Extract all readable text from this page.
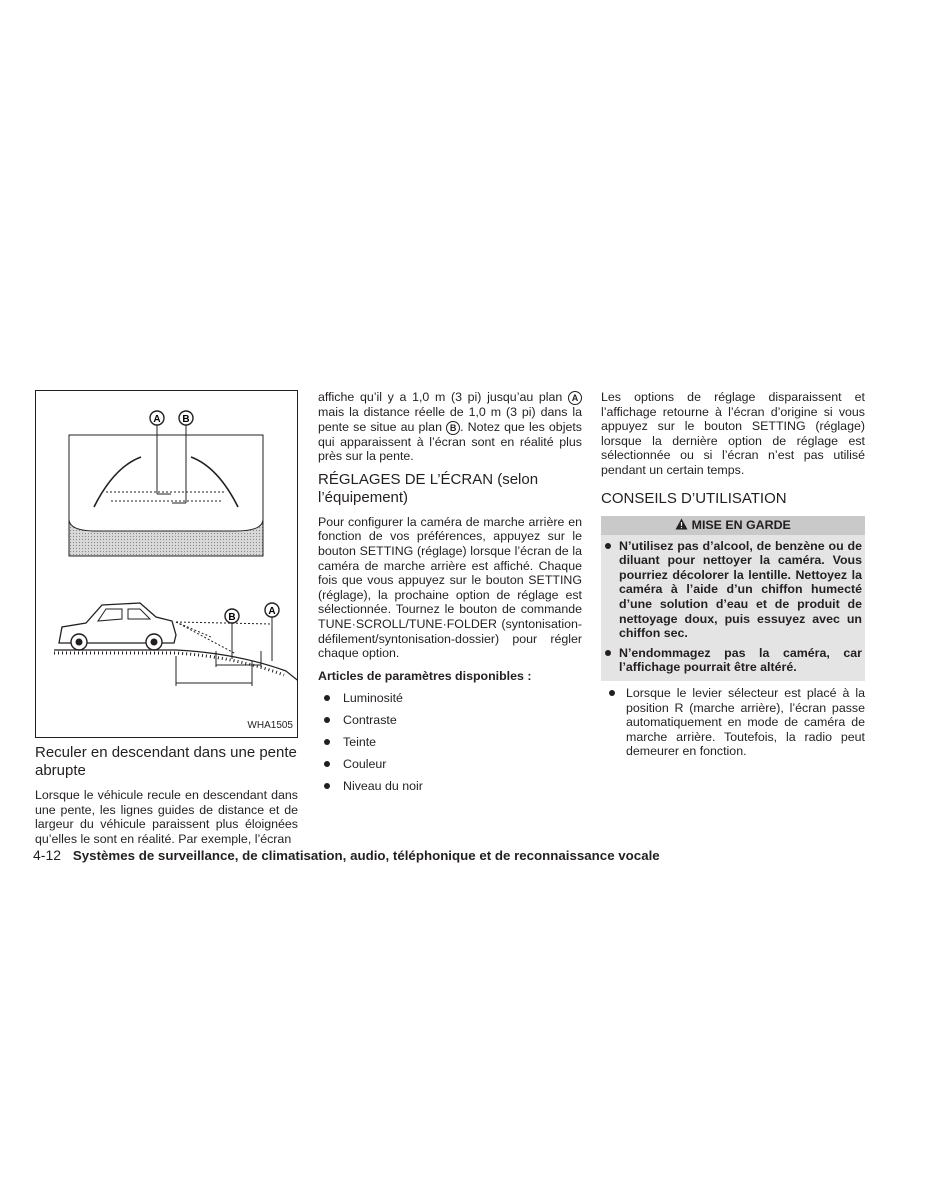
A B
B
A
WHA1505
Reculer en descendant dans une pente abrupte

Lorsque le véhicule recule en descendant dans une pente, les lignes guides de distance et de largeur du véhicule paraissent plus éloignées qu’elles le sont en réalité. Par exemple, l’écran

affiche qu’il y a 1,0 m (3 pi) jusqu’au plan A mais la distance réelle de 1,0 m (3 pi) dans la pente se situe au plan B . Notez que les objets qui apparaissent à l’écran sont en réalité plus près sur la pente.

RÉGLAGES DE L’ÉCRAN (selon l’équipement)

Pour configurer la caméra de marche arrière en fonction de vos préférences, appuyez sur le bouton SETTING (réglage) lorsque l’écran de la caméra de marche arrière est affiché. Chaque fois que vous appuyez sur le bouton SETTING (réglage), la prochaine option de réglage est sélectionnée. Tournez le bouton de commande TUNE·SCROLL/TUNE·FOLDER (syntonisation-défilement/syntonisation-dossier) pour régler chaque option.

Articles de paramètres disponibles :

Luminosité
Contraste
Teinte
Couleur
Niveau du noir

Les options de réglage disparaissent et l’affichage retourne à l’écran d’origine si vous appuyez sur le bouton SETTING (réglage) lorsque la dernière option de réglage est sélectionnée ou si l’écran n’est pas utilisé pendant un certain temps.

CONSEILS D’UTILISATION
MISE EN GARDE
N’utilisez pas d’alcool, de benzène ou de diluant pour nettoyer la caméra. Vous pourriez décolorer la lentille. Nettoyez la caméra à l’aide d’un chiffon humecté d’une solution d’eau et de produit de nettoyage doux, puis essuyez avec un chiffon sec.
N’endommagez pas la caméra, car l’affichage pourrait être altéré.
Lorsque le levier sélecteur est placé à la position R (marche arrière), l’écran passe automatiquement en mode de caméra de marche arrière. Toutefois, la radio peut demeurer en fonction.
4-12 Systèmes de surveillance, de climatisation, audio, téléphonique et de reconnaissance vocale
